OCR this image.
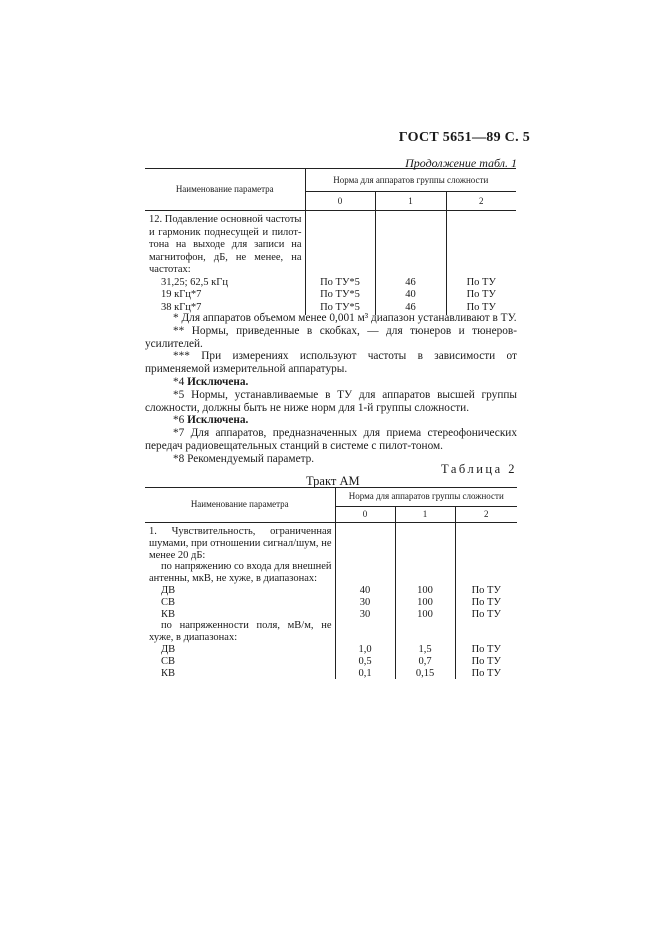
ГОСТ 5651—89 С. 5
Продолжение табл. 1
Наименование параметра	Норма для аппаратов группы сложности		
	0	1	2
12. Подавление основной частоты и гармоник поднесущей и пилот-тона на выходе для записи на магнитофон, дБ, не менее, на частотах:			
31,25; 62,5 кГц	По ТУ*5	46	По ТУ
19 кГц*7	По ТУ*5	40	По ТУ
38 кГц*7	По ТУ*5	46	По ТУ

* Для аппаратов объемом менее 0,001 м³ диапазон устанавливают в ТУ.

** Нормы, приведенные в скобках, — для тюнеров и тюнеров-усилителей.

*** При измерениях используют частоты в зависимости от применяемой измерительной аппаратуры.

*4 Исключена.

*5 Нормы, устанавливаемые в ТУ для аппаратов высшей группы сложности, должны быть не ниже норм для 1-й группы сложности.

*6 Исключена.

*7 Для аппаратов, предназначенных для приема стереофонических передач радиовещательных станций в системе с пилот-тоном.

*8 Рекомендуемый параметр.

Таблица 2
Тракт АМ
Наименование параметра	Норма для аппаратов группы сложности		
	0	1	2
1. Чувствительность, ограниченная шумами, при отношении сигнал/шум, не менее 20 дБ:			
по напряжению со входа для внешней антенны, мкВ, не хуже, в диапазонах:			
ДВ	40	100	По ТУ
СВ	30	100	По ТУ
КВ	30	100	По ТУ
по напряженности поля, мВ/м, не хуже, в диапазонах:			
ДВ	1,0	1,5	По ТУ
СВ	0,5	0,7	По ТУ
КВ	0,1	0,15	По ТУ
